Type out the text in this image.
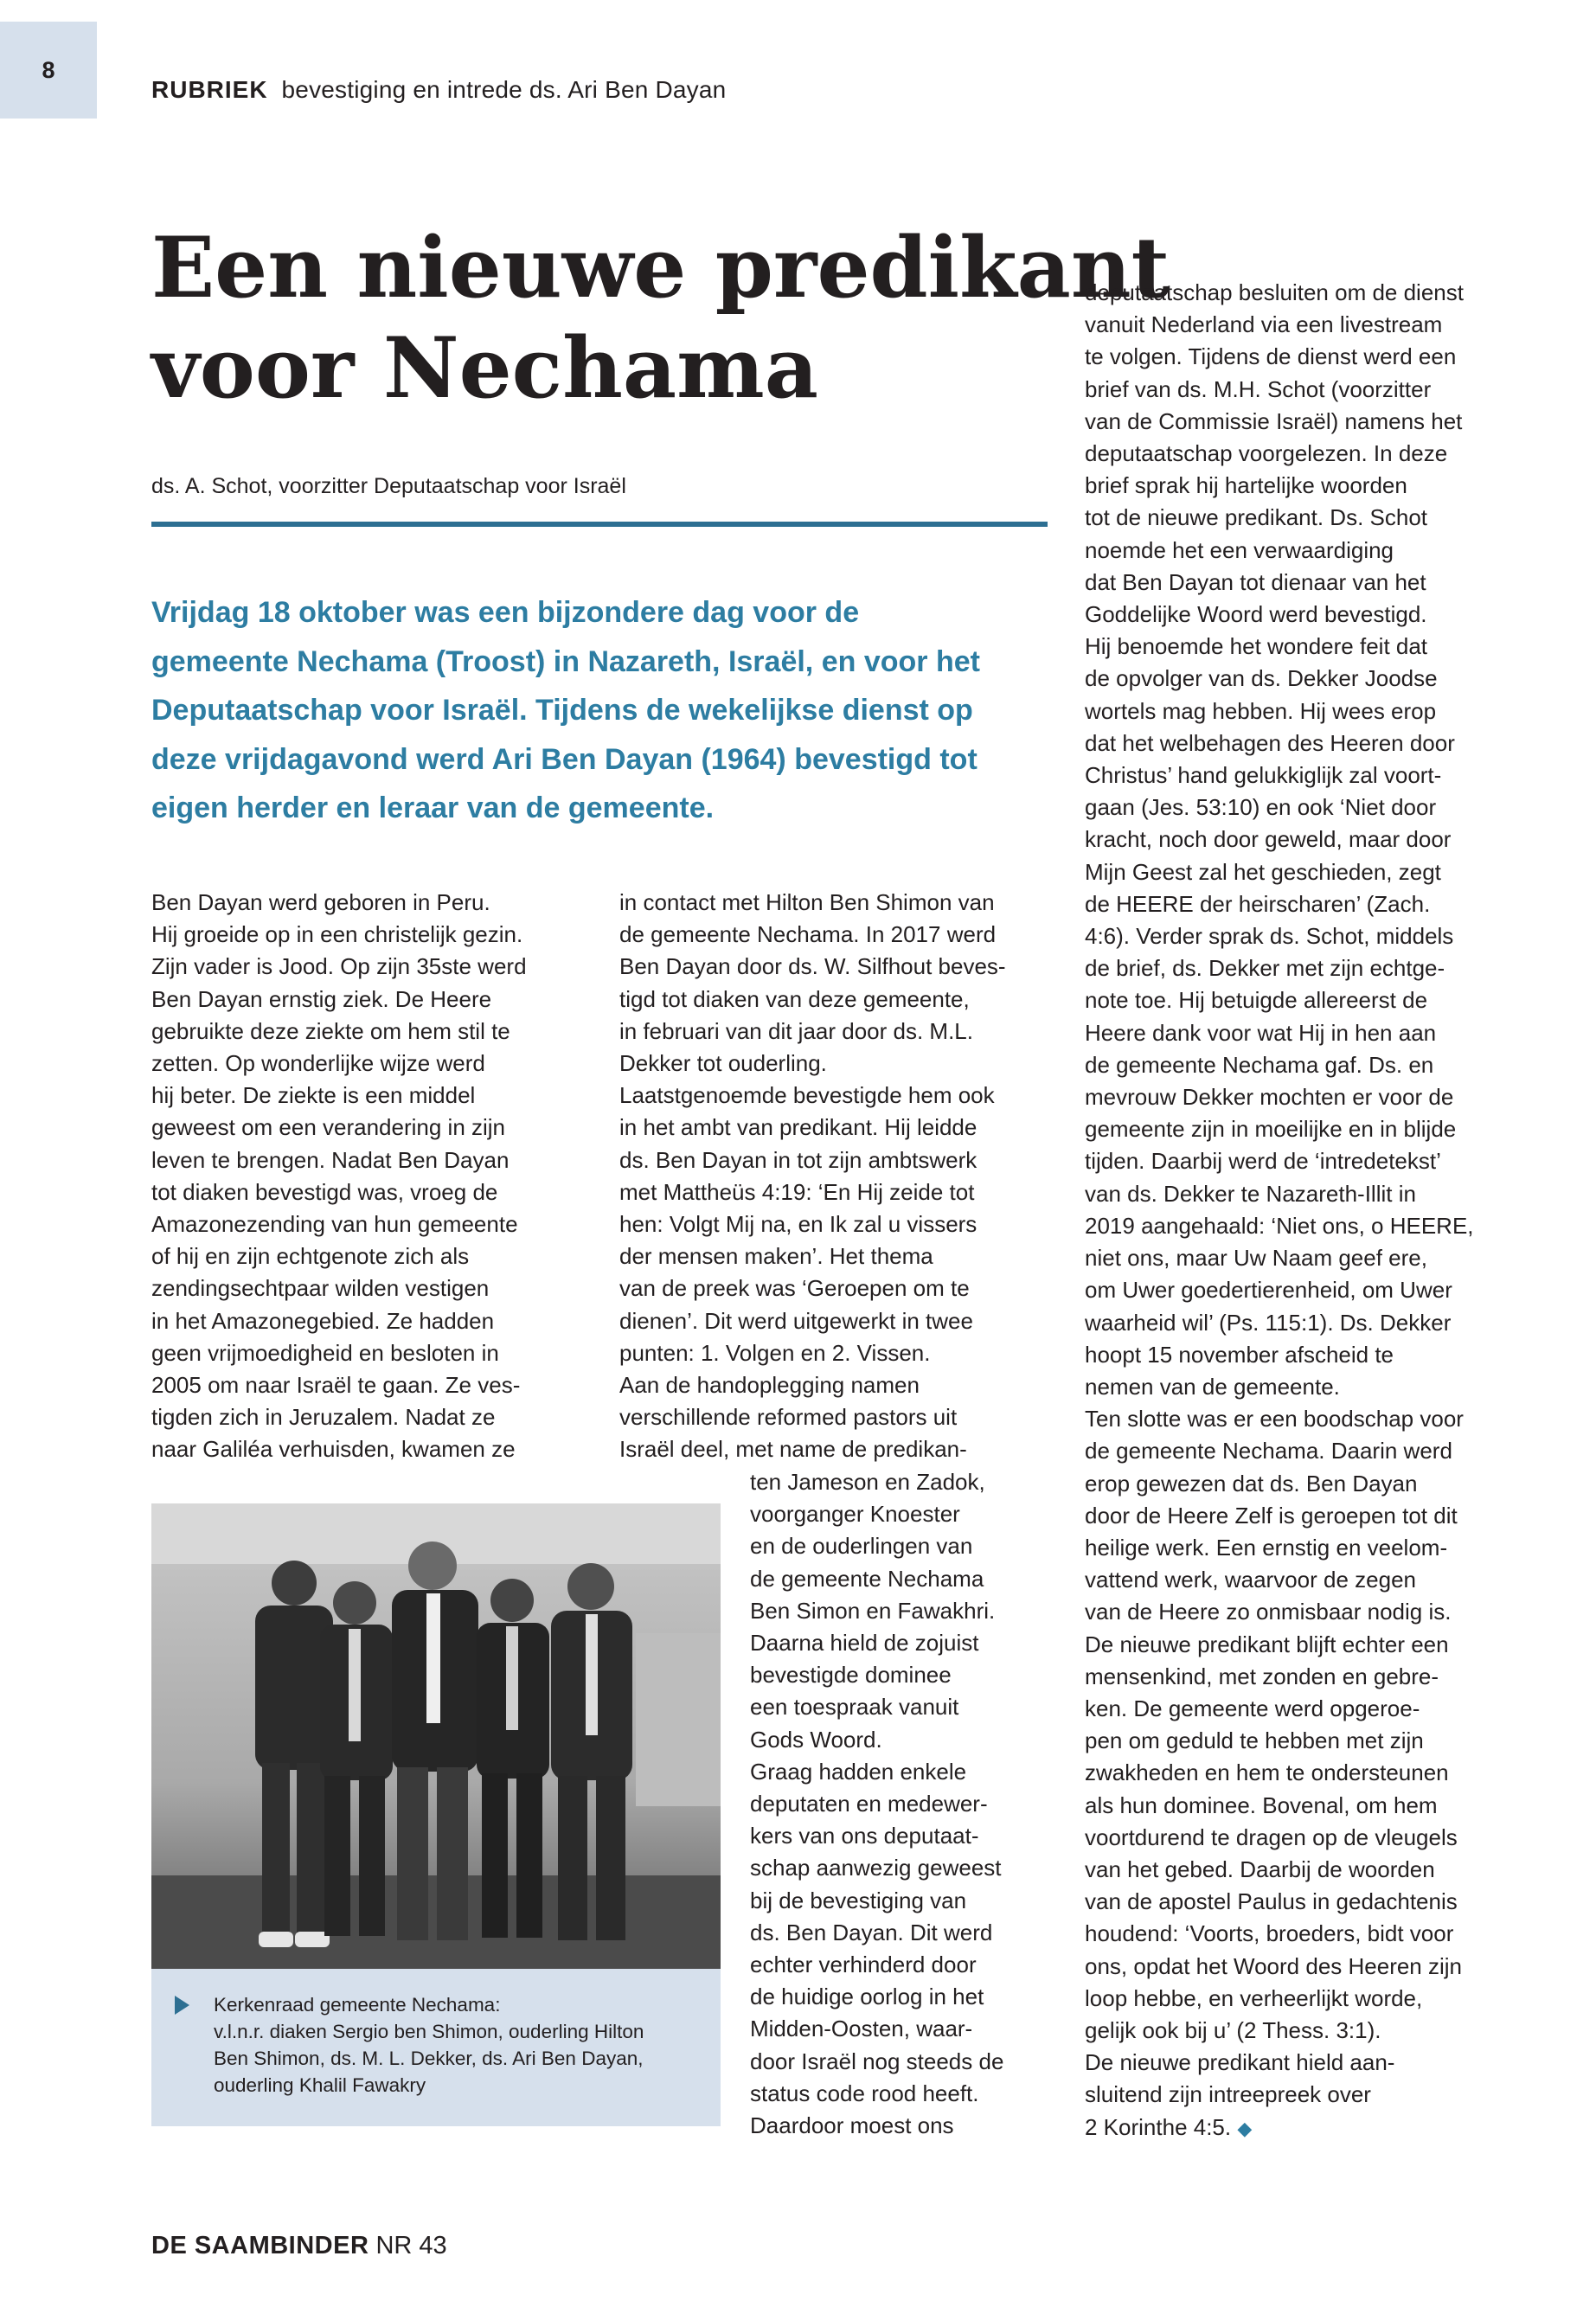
8
RUBRIEK bevestiging en intrede ds. Ari Ben Dayan
Een nieuwe predikant
voor Nechama
ds. A. Schot, voorzitter Deputaatschap voor Israël
Vrijdag 18 oktober was een bijzondere dag voor de
gemeente Nechama (Troost) in Nazareth, Israël, en voor het
Deputaatschap voor Israël. Tijdens de wekelijkse dienst op
deze vrijdagavond werd Ari Ben Dayan (1964) bevestigd tot
eigen herder en leraar van de gemeente.
Ben Dayan werd geboren in Peru.
Hij groeide op in een christelijk gezin.
Zijn vader is Jood. Op zijn 35ste werd
Ben Dayan ernstig ziek. De Heere
gebruikte deze ziekte om hem stil te
zetten. Op wonderlijke wijze werd
hij beter. De ziekte is een middel
geweest om een verandering in zijn
leven te brengen. Nadat Ben Dayan
tot diaken bevestigd was, vroeg de
Amazonezending van hun gemeente
of hij en zijn echtgenote zich als
zendingsechtpaar wilden vestigen
in het Amazonegebied. Ze hadden
geen vrijmoedigheid en besloten in
2005 om naar Israël te gaan. Ze ves-
tigden zich in Jeruzalem. Nadat ze
naar Galiléa verhuisden, kwamen ze
in contact met Hilton Ben Shimon van
de gemeente Nechama. In 2017 werd
Ben Dayan door ds. W. Silfhout beves-
tigd tot diaken van deze gemeente,
in februari van dit jaar door ds. M.L.
Dekker tot ouderling.
Laatstgenoemde bevestigde hem ook
in het ambt van predikant. Hij leidde
ds. Ben Dayan in tot zijn ambtswerk
met Mattheüs 4:19: ‘En Hij zeide tot
hen: Volgt Mij na, en Ik zal u vissers
der mensen maken’. Het thema
van de preek was ‘Geroepen om te
dienen’. Dit werd uitgewerkt in twee
punten: 1. Volgen en 2. Vissen.
Aan de handoplegging namen
verschillende reformed pastors uit
Israël deel, met name de predikan-
ten Jameson en Zadok,
voorganger Knoester
en de ouderlingen van
de gemeente Nechama
Ben Simon en Fawakhri.
Daarna hield de zojuist
bevestigde dominee
een toespraak vanuit
Gods Woord.
Graag hadden enkele
deputaten en medewer-
kers van ons deputaat-
schap aanwezig geweest
bij de bevestiging van
ds. Ben Dayan. Dit werd
echter verhinderd door
de huidige oorlog in het
Midden-Oosten, waar-
door Israël nog steeds de
status code rood heeft.
Daardoor moest ons
deputaatschap besluiten om de dienst
vanuit Nederland via een livestream
te volgen. Tijdens de dienst werd een
brief van ds. M.H. Schot (voorzitter
van de Commissie Israël) namens het
deputaatschap voorgelezen. In deze
brief sprak hij hartelijke woorden
tot de nieuwe predikant. Ds. Schot
noemde het een verwaardiging
dat Ben Dayan tot dienaar van het
Goddelijke Woord werd bevestigd.
Hij benoemde het wondere feit dat
de opvolger van ds. Dekker Joodse
wortels mag hebben. Hij wees erop
dat het welbehagen des Heeren door
Christus’ hand gelukkiglijk zal voort-
gaan (Jes. 53:10) en ook ‘Niet door
kracht, noch door geweld, maar door
Mijn Geest zal het geschieden, zegt
de HEERE der heirscharen’ (Zach.
4:6). Verder sprak ds. Schot, middels
de brief, ds. Dekker met zijn echtge-
note toe. Hij betuigde allereerst de
Heere dank voor wat Hij in hen aan
de gemeente Nechama gaf. Ds. en
mevrouw Dekker mochten er voor de
gemeente zijn in moeilijke en in blijde
tijden. Daarbij werd de ‘intredetekst’
van ds. Dekker te Nazareth-Illit in
2019 aangehaald: ‘Niet ons, o HEERE,
niet ons, maar Uw Naam geef ere,
om Uwer goedertierenheid, om Uwer
waarheid wil’ (Ps. 115:1). Ds. Dekker
hoopt 15 november afscheid te
nemen van de gemeente.
Ten slotte was er een boodschap voor
de gemeente Nechama. Daarin werd
erop gewezen dat ds. Ben Dayan
door de Heere Zelf is geroepen tot dit
heilige werk. Een ernstig en veelom-
vattend werk, waarvoor de zegen
van de Heere zo onmisbaar nodig is.
De nieuwe predikant blijft echter een
mensenkind, met zonden en gebre-
ken. De gemeente werd opgeroe-
pen om geduld te hebben met zijn
zwakheden en hem te ondersteunen
als hun dominee. Bovenal, om hem
voortdurend te dragen op de vleugels
van het gebed. Daarbij de woorden
van de apostel Paulus in gedachtenis
houdend: ‘Voorts, broeders, bidt voor
ons, opdat het Woord des Heeren zijn
loop hebbe, en verheerlijkt worde,
gelijk ook bij u’ (2 Thess. 3:1).
De nieuwe predikant hield aan-
sluitend zijn intreepreek over
2 Korinthe 4:5. ◆
Kerkenraad gemeente Nechama:
v.l.n.r. diaken Sergio ben Shimon, ouderling Hilton
Ben Shimon, ds. M. L. Dekker, ds. Ari Ben Dayan,
ouderling Khalil Fawakry
DE SAAMBINDER NR 43
